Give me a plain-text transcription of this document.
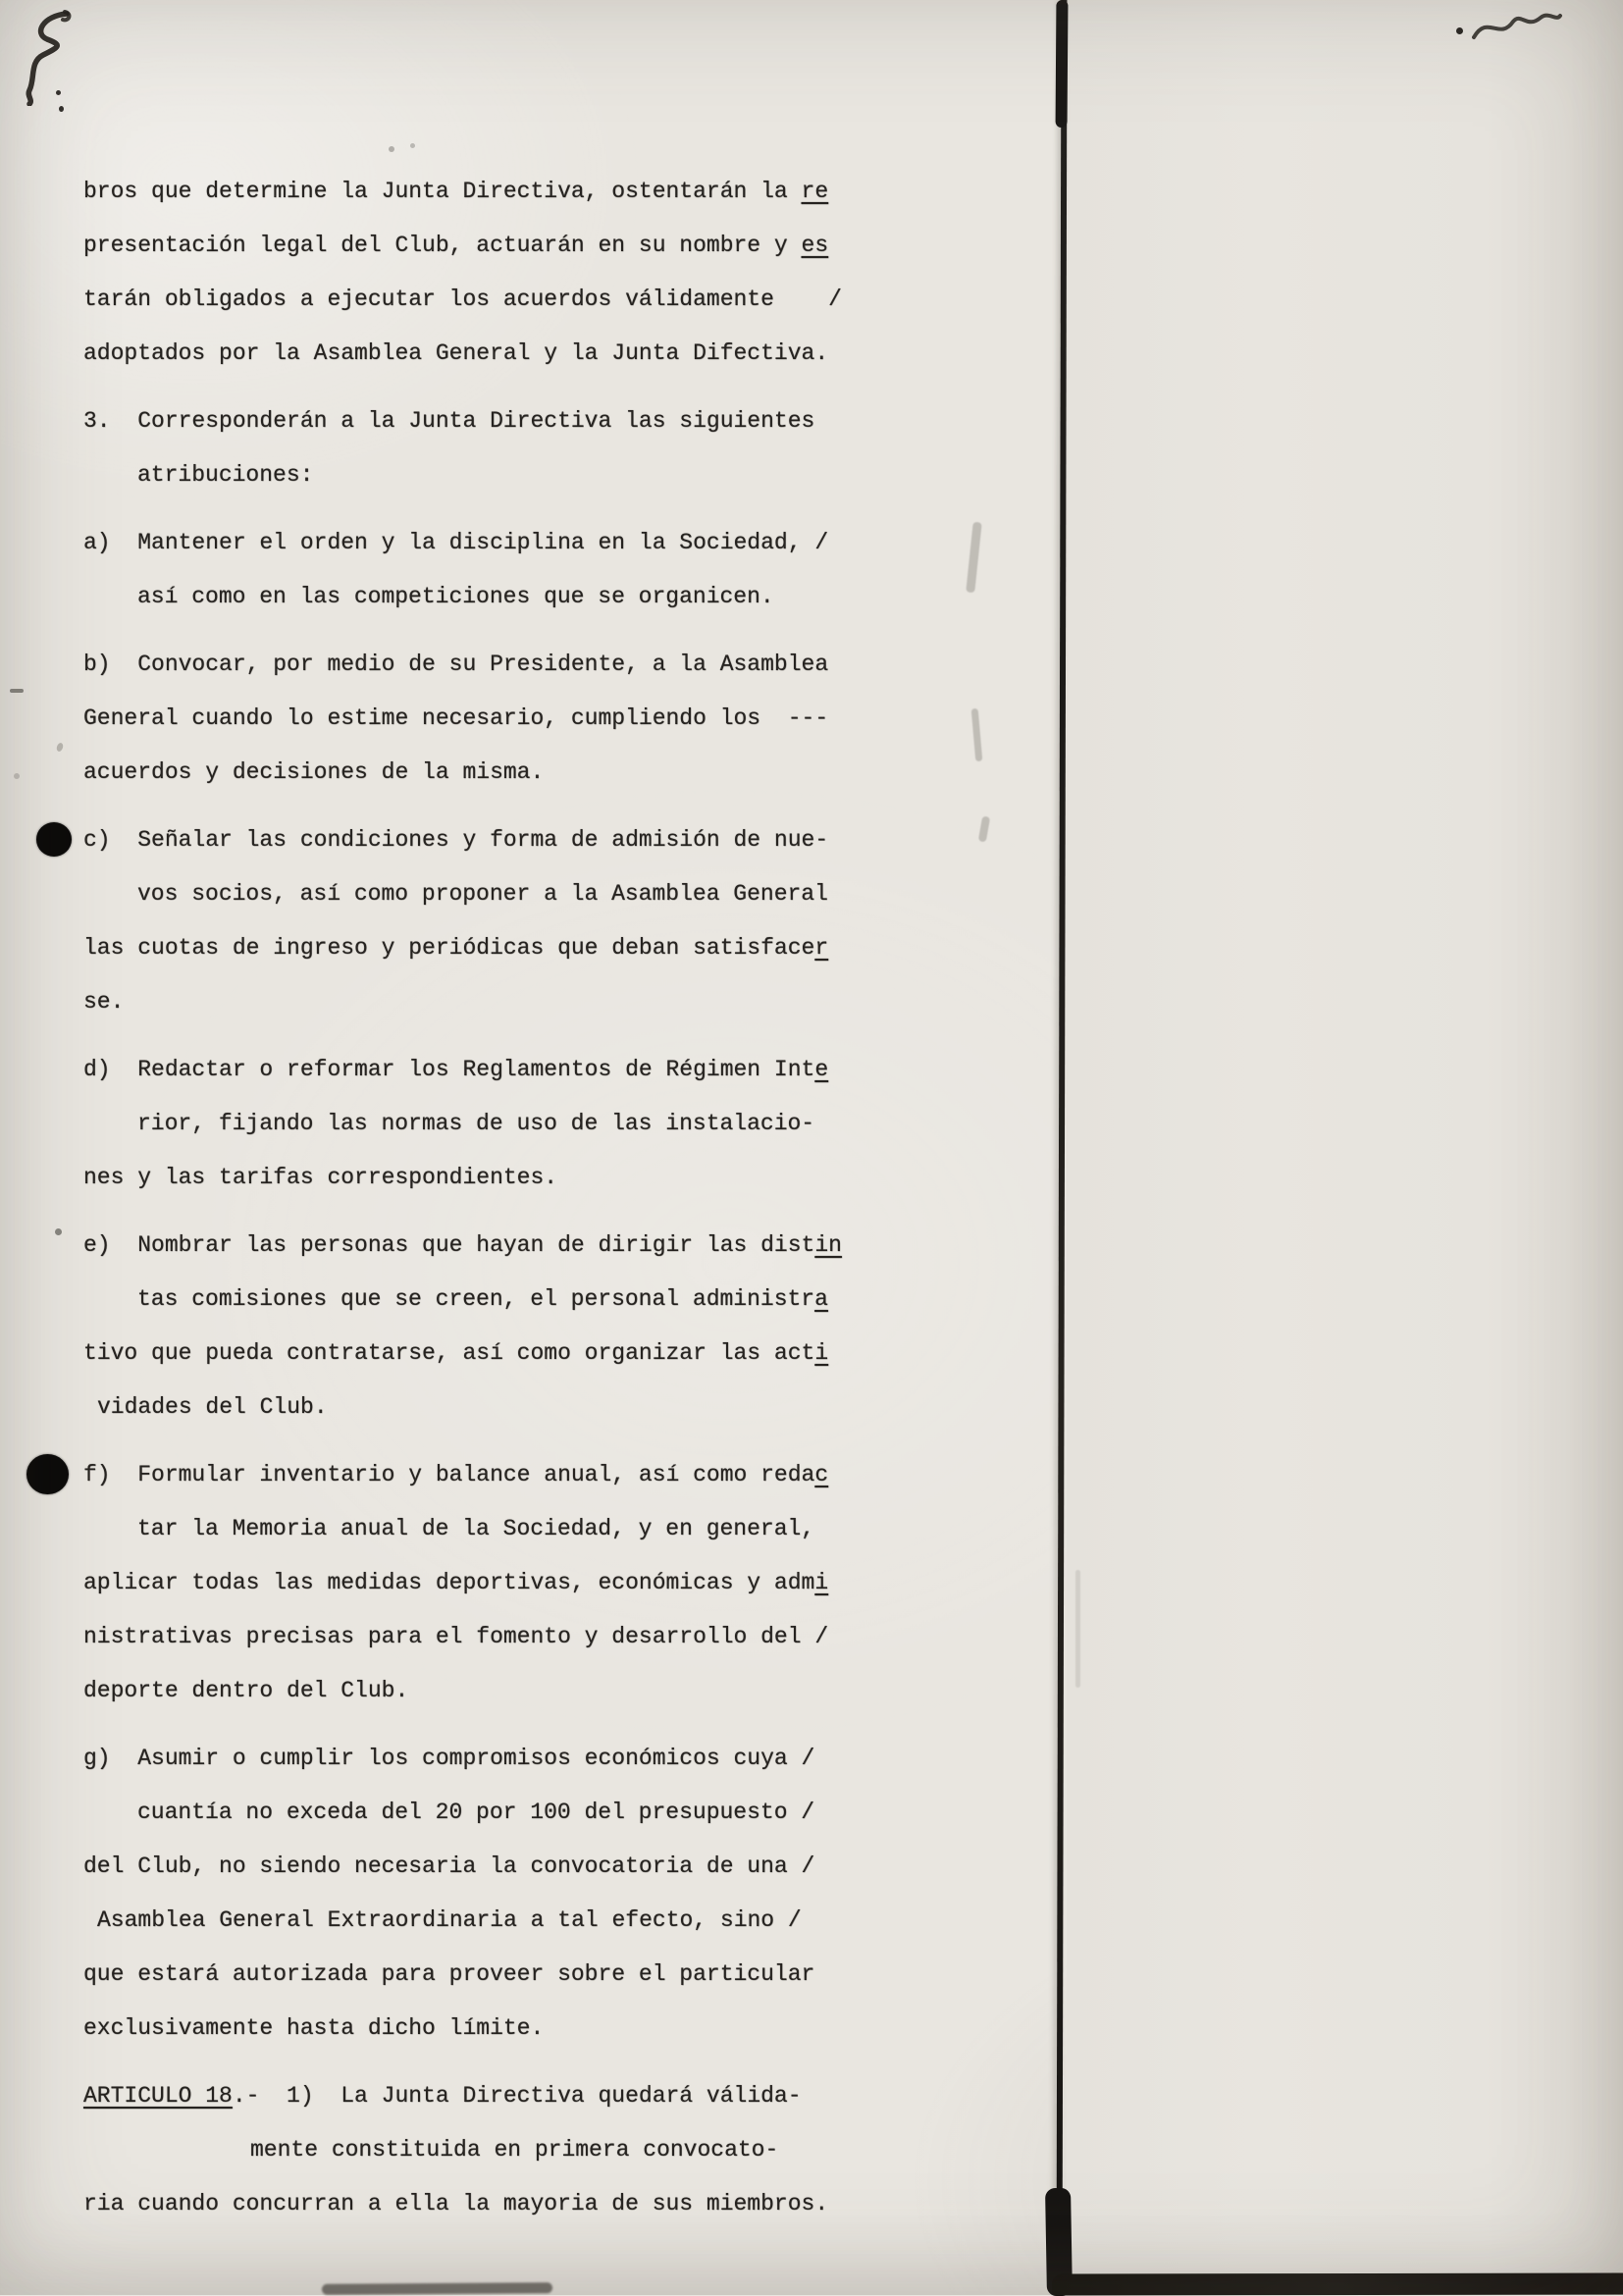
bros que determine la Junta Directiva, ostentarán la re
presentación legal del Club, actuarán en su nombre y es
tarán obligados a ejecutar los acuerdos válidamente    /
adoptados por la Asamblea General y la Junta Difectiva.
3.  Corresponderán a la Junta Directiva las siguientes
atribuciones:
a)  Mantener el orden y la disciplina en la Sociedad, /
así como en las competiciones que se organicen.
b)  Convocar, por medio de su Presidente, a la Asamblea
General cuando lo estime necesario, cumpliendo los  ---
acuerdos y decisiones de la misma.
c)  Señalar las condiciones y forma de admisión de nue-
vos socios, así como proponer a la Asamblea General
las cuotas de ingreso y periódicas que deban satisfacer
se.
d)  Redactar o reformar los Reglamentos de Régimen Inte
rior, fijando las normas de uso de las instalacio-
nes y las tarifas correspondientes.
e)  Nombrar las personas que hayan de dirigir las distin
tas comisiones que se creen, el personal administra
tivo que pueda contratarse, así como organizar las acti
vidades del Club.
f)  Formular inventario y balance anual, así como redac
tar la Memoria anual de la Sociedad, y en general,
aplicar todas las medidas deportivas, económicas y admi
nistrativas precisas para el fomento y desarrollo del /
deporte dentro del Club.
g)  Asumir o cumplir los compromisos económicos cuya /
cuantía no exceda del 20 por 100 del presupuesto /
del Club, no siendo necesaria la convocatoria de una /
Asamblea General Extraordinaria a tal efecto, sino /
que estará autorizada para proveer sobre el particular
exclusivamente hasta dicho límite.
ARTICULO 18.-  1)  La Junta Directiva quedará válida-
mente constituida en primera convocato-
ria cuando concurran a ella la mayoria de sus miembros.
